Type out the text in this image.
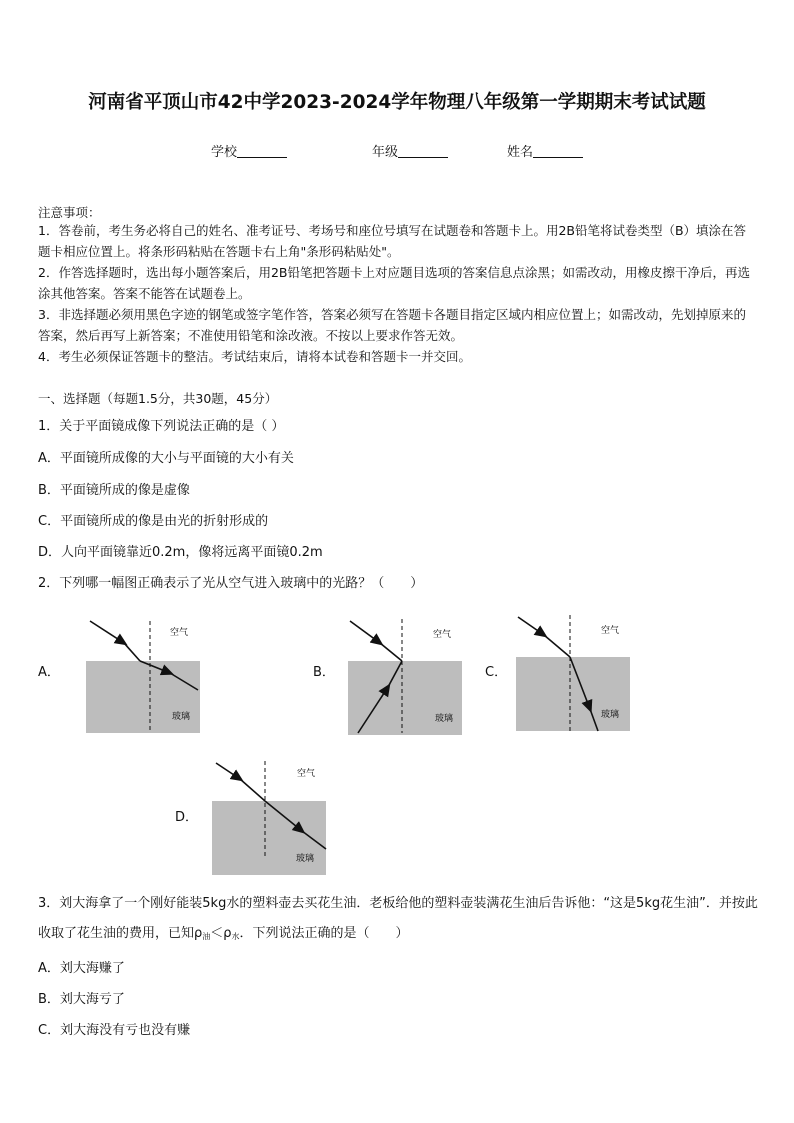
河南省平顶山市42中学2023-2024学年物理八年级第一学期期末考试试题
学校	年级	姓名
注意事项：
1．答卷前，考生务必将自己的姓名、准考证号、考场号和座位号填写在试题卷和答题卡上。用2B铅笔将试卷类型（B）填涂在答题卡相应位置上。将条形码粘贴在答题卡右上角"条形码粘贴处"。
2．作答选择题时，选出每小题答案后，用2B铅笔把答题卡上对应题目选项的答案信息点涂黑；如需改动，用橡皮擦干净后，再选涂其他答案。答案不能答在试题卷上。
3．非选择题必须用黑色字迹的钢笔或签字笔作答，答案必须写在答题卡各题目指定区域内相应位置上；如需改动，先划掉原来的答案，然后再写上新答案；不准使用铅笔和涂改液。不按以上要求作答无效。
4．考生必须保证答题卡的整洁。考试结束后，请将本试卷和答题卡一并交回。
一、选择题（每题1.5分，共30题，45分）
1．关于平面镜成像下列说法正确的是（ ）
A．平面镜所成像的大小与平面镜的大小有关
B．平面镜所成的像是虚像
C．平面镜所成的像是由光的折射形成的
D．人向平面镜靠近0.2m，像将远离平面镜0.2m
2．下列哪一幅图正确表示了光从空气进入玻璃中的光路？（　　）
A．
空气
玻璃
B．
空气
玻璃
C．
空气
玻璃
D．
空气
玻璃
3．刘大海拿了一个刚好能装5kg水的塑料壶去买花生油．老板给他的塑料壶装满花生油后告诉他：“这是5kg花生油”．并按此收取了花生油的费用，已知$\rho_油<\rho_水$．下列说法正确的是（　　）
A．刘大海赚了
B．刘大海亏了
C．刘大海没有亏也没有赚
